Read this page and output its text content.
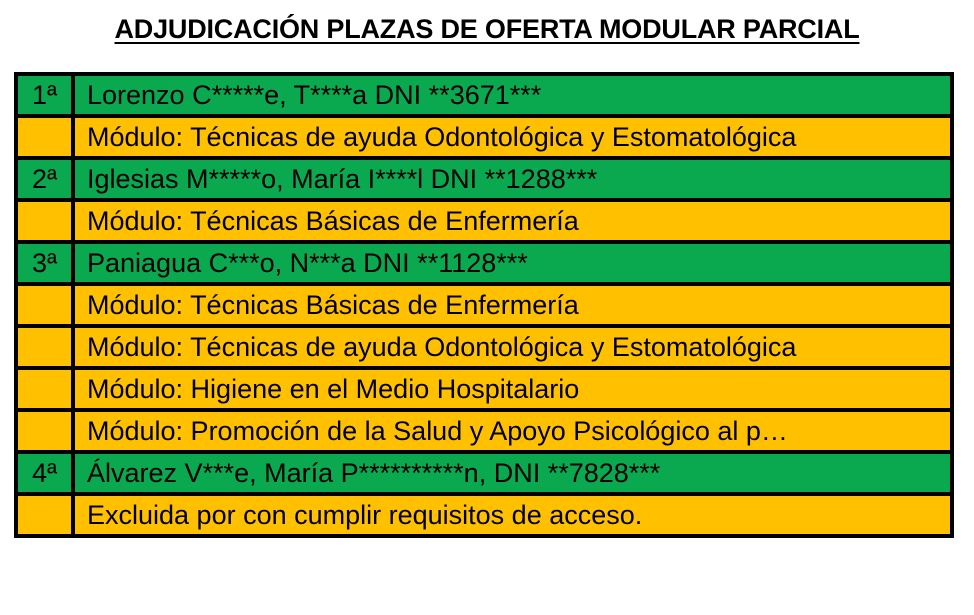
ADJUDICACIÓN PLAZAS DE OFERTA MODULAR PARCIAL
1ª	Lorenzo C*****e, T****a DNI **3671***

	Módulo: Técnicas de ayuda Odontológica y Estomatológica

2ª	Iglesias M*****o, María I****l DNI **1288***

	Módulo: Técnicas Básicas de Enfermería

3ª	Paniagua C***o, N***a DNI **1128***

	Módulo: Técnicas Básicas de Enfermería

	Módulo: Técnicas de ayuda Odontológica y Estomatológica

	Módulo: Higiene en el Medio Hospitalario

	Módulo: Promoción de la Salud y Apoyo Psicológico al p…

4ª	Álvarez V***e, María P**********n, DNI **7828***

	Excluida por con cumplir requisitos de acceso.
